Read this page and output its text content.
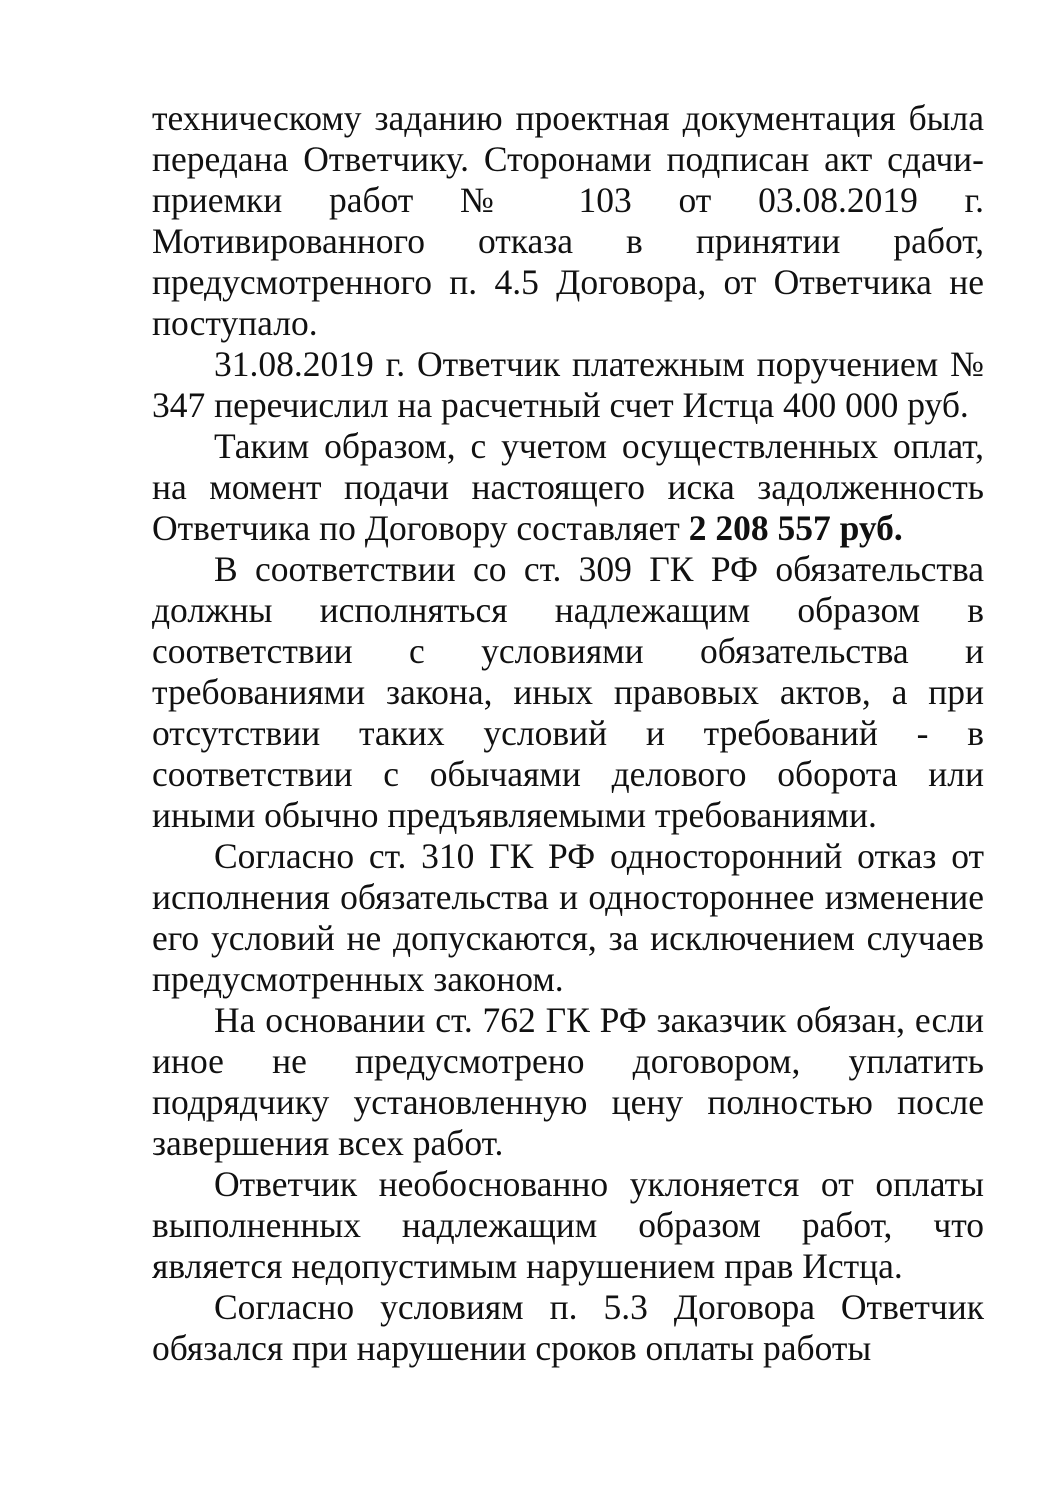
техническому заданию проектная документация была передана Ответчику. Сторонами подписан акт сдачи-приемки работ № 103 от 03.08.2019 г. Мотивированного отказа в принятии работ, предусмотренного п. 4.5 Договора, от Ответчика не поступало.

31.08.2019 г. Ответчик платежным поручением № 347 перечислил на расчетный счет Истца 400 000 руб.

Таким образом, с учетом осуществленных оплат, на момент подачи настоящего иска задолженность Ответчика по Договору составляет 2 208 557 руб.

В соответствии со ст. 309 ГК РФ обязательства должны исполняться надлежащим образом в соответствии с условиями обязательства и требованиями закона, иных правовых актов, а при отсутствии таких условий и требований - в соответствии с обычаями делового оборота или иными обычно предъявляемыми требованиями.

Согласно ст. 310 ГК РФ односторонний отказ от исполнения обязательства и одностороннее изменение его условий не допускаются, за исключением случаев предусмотренных законом.

На основании ст. 762 ГК РФ заказчик обязан, если иное не предусмотрено договором, уплатить подрядчику установленную цену полностью после завершения всех работ.

Ответчик необоснованно уклоняется от оплаты выполненных надлежащим образом работ, что является недопустимым нарушением прав Истца.

Согласно условиям п. 5.3 Договора Ответчик обязался при нарушении сроков оплаты работы
